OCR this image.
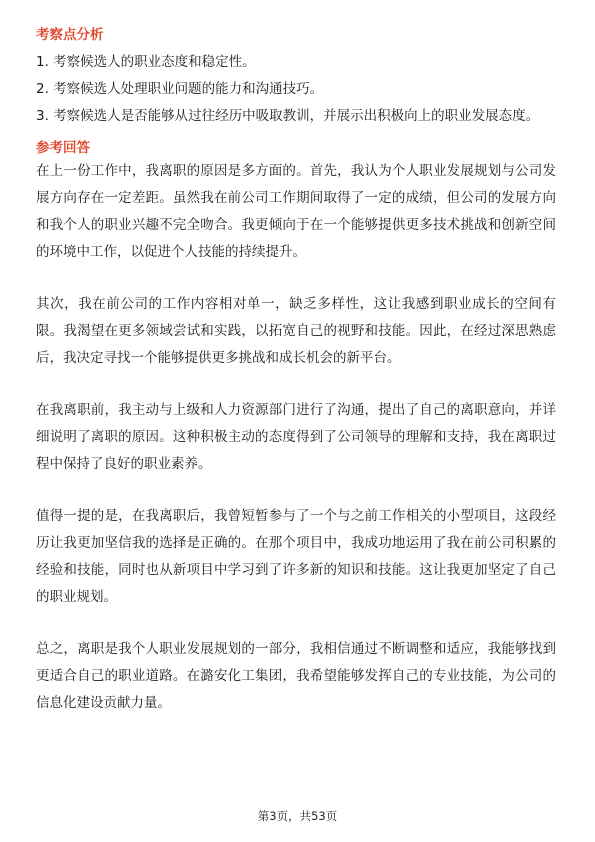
考察点分析
1. 考察候选人的职业态度和稳定性。
2. 考察候选人处理职业问题的能力和沟通技巧。
3. 考察候选人是否能够从过往经历中吸取教训，并展示出积极向上的职业发展态度。
参考回答

在上一份工作中，我离职的原因是多方面的。首先，我认为个人职业发展规划与公司发展方向存在一定差距。虽然我在前公司工作期间取得了一定的成绩，但公司的发展方向和我个人的职业兴趣不完全吻合。我更倾向于在一个能够提供更多技术挑战和创新空间的环境中工作，以促进个人技能的持续提升。

其次，我在前公司的工作内容相对单一，缺乏多样性，这让我感到职业成长的空间有限。我渴望在更多领域尝试和实践，以拓宽自己的视野和技能。因此，在经过深思熟虑后，我决定寻找一个能够提供更多挑战和成长机会的新平台。

在我离职前，我主动与上级和人力资源部门进行了沟通，提出了自己的离职意向，并详细说明了离职的原因。这种积极主动的态度得到了公司领导的理解和支持，我在离职过程中保持了良好的职业素养。

值得一提的是，在我离职后，我曾短暂参与了一个与之前工作相关的小型项目，这段经历让我更加坚信我的选择是正确的。在那个项目中，我成功地运用了我在前公司积累的经验和技能，同时也从新项目中学习到了许多新的知识和技能。这让我更加坚定了自己的职业规划。

总之，离职是我个人职业发展规划的一部分，我相信通过不断调整和适应，我能够找到更适合自己的职业道路。在潞安化工集团，我希望能够发挥自己的专业技能，为公司的信息化建设贡献力量。

第3页，共53页
